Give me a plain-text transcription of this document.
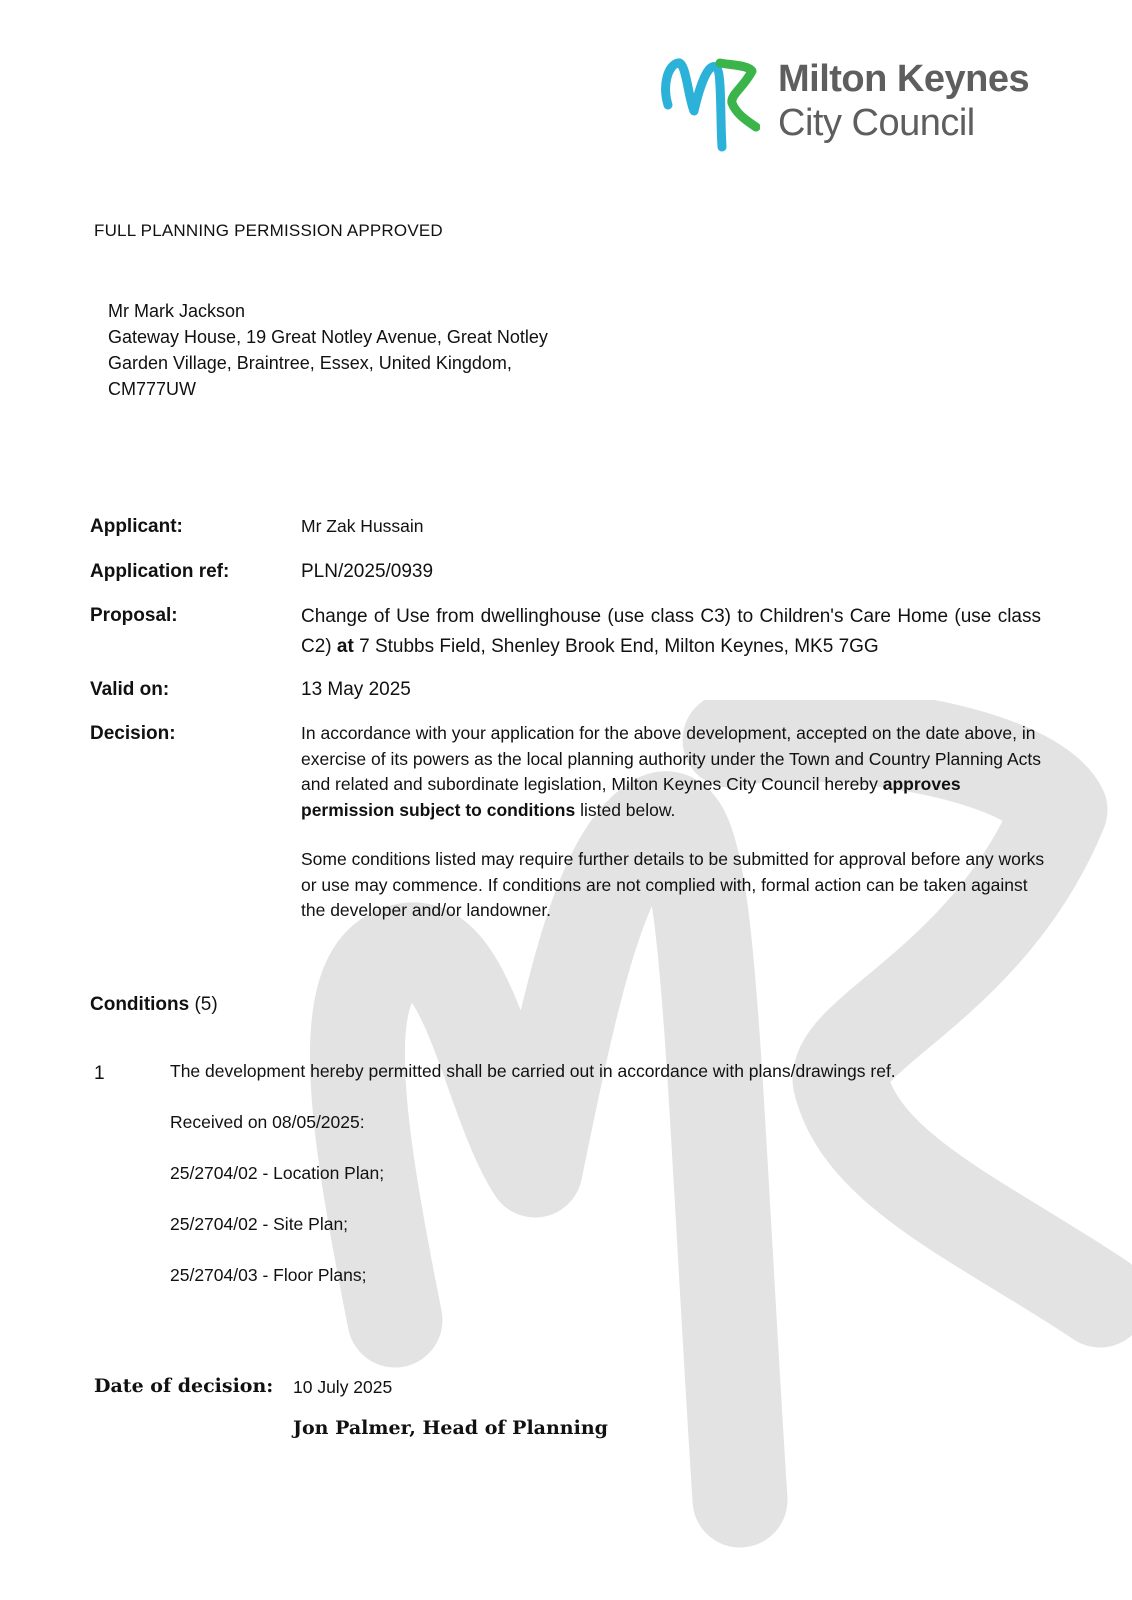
Milton Keynes
City Council
FULL PLANNING PERMISSION APPROVED
Mr Mark Jackson
Gateway House, 19 Great Notley Avenue, Great Notley
Garden Village, Braintree, Essex, United Kingdom,
CM777UW
Applicant:	Mr Zak Hussain
Application ref:	PLN/2025/0939
Proposal:	Change of Use from dwellinghouse (use class C3) to Children's Care Home (use class C2) at 7 Stubbs Field, Shenley Brook End, Milton Keynes, MK5 7GG
Valid on:	13 May 2025
Decision:	In accordance with your application for the above development, accepted on the date above, in exercise of its powers as the local planning authority under the Town and Country Planning Acts and related and subordinate legislation, Milton Keynes City Council hereby approves permission subject to conditions listed below.

Some conditions listed may require further details to be submitted for approval before any works or use may commence. If conditions are not complied with, formal action can be taken against the developer and/or landowner.

Conditions (5)
1	The development hereby permitted shall be carried out in accordance with plans/drawings ref.
Received on 08/05/2025:
25/2704/02 - Location Plan;
25/2704/02 - Site Plan;
25/2704/03 - Floor Plans;
Date of decision: 10 July 2025
Jon Palmer, Head of Planning
